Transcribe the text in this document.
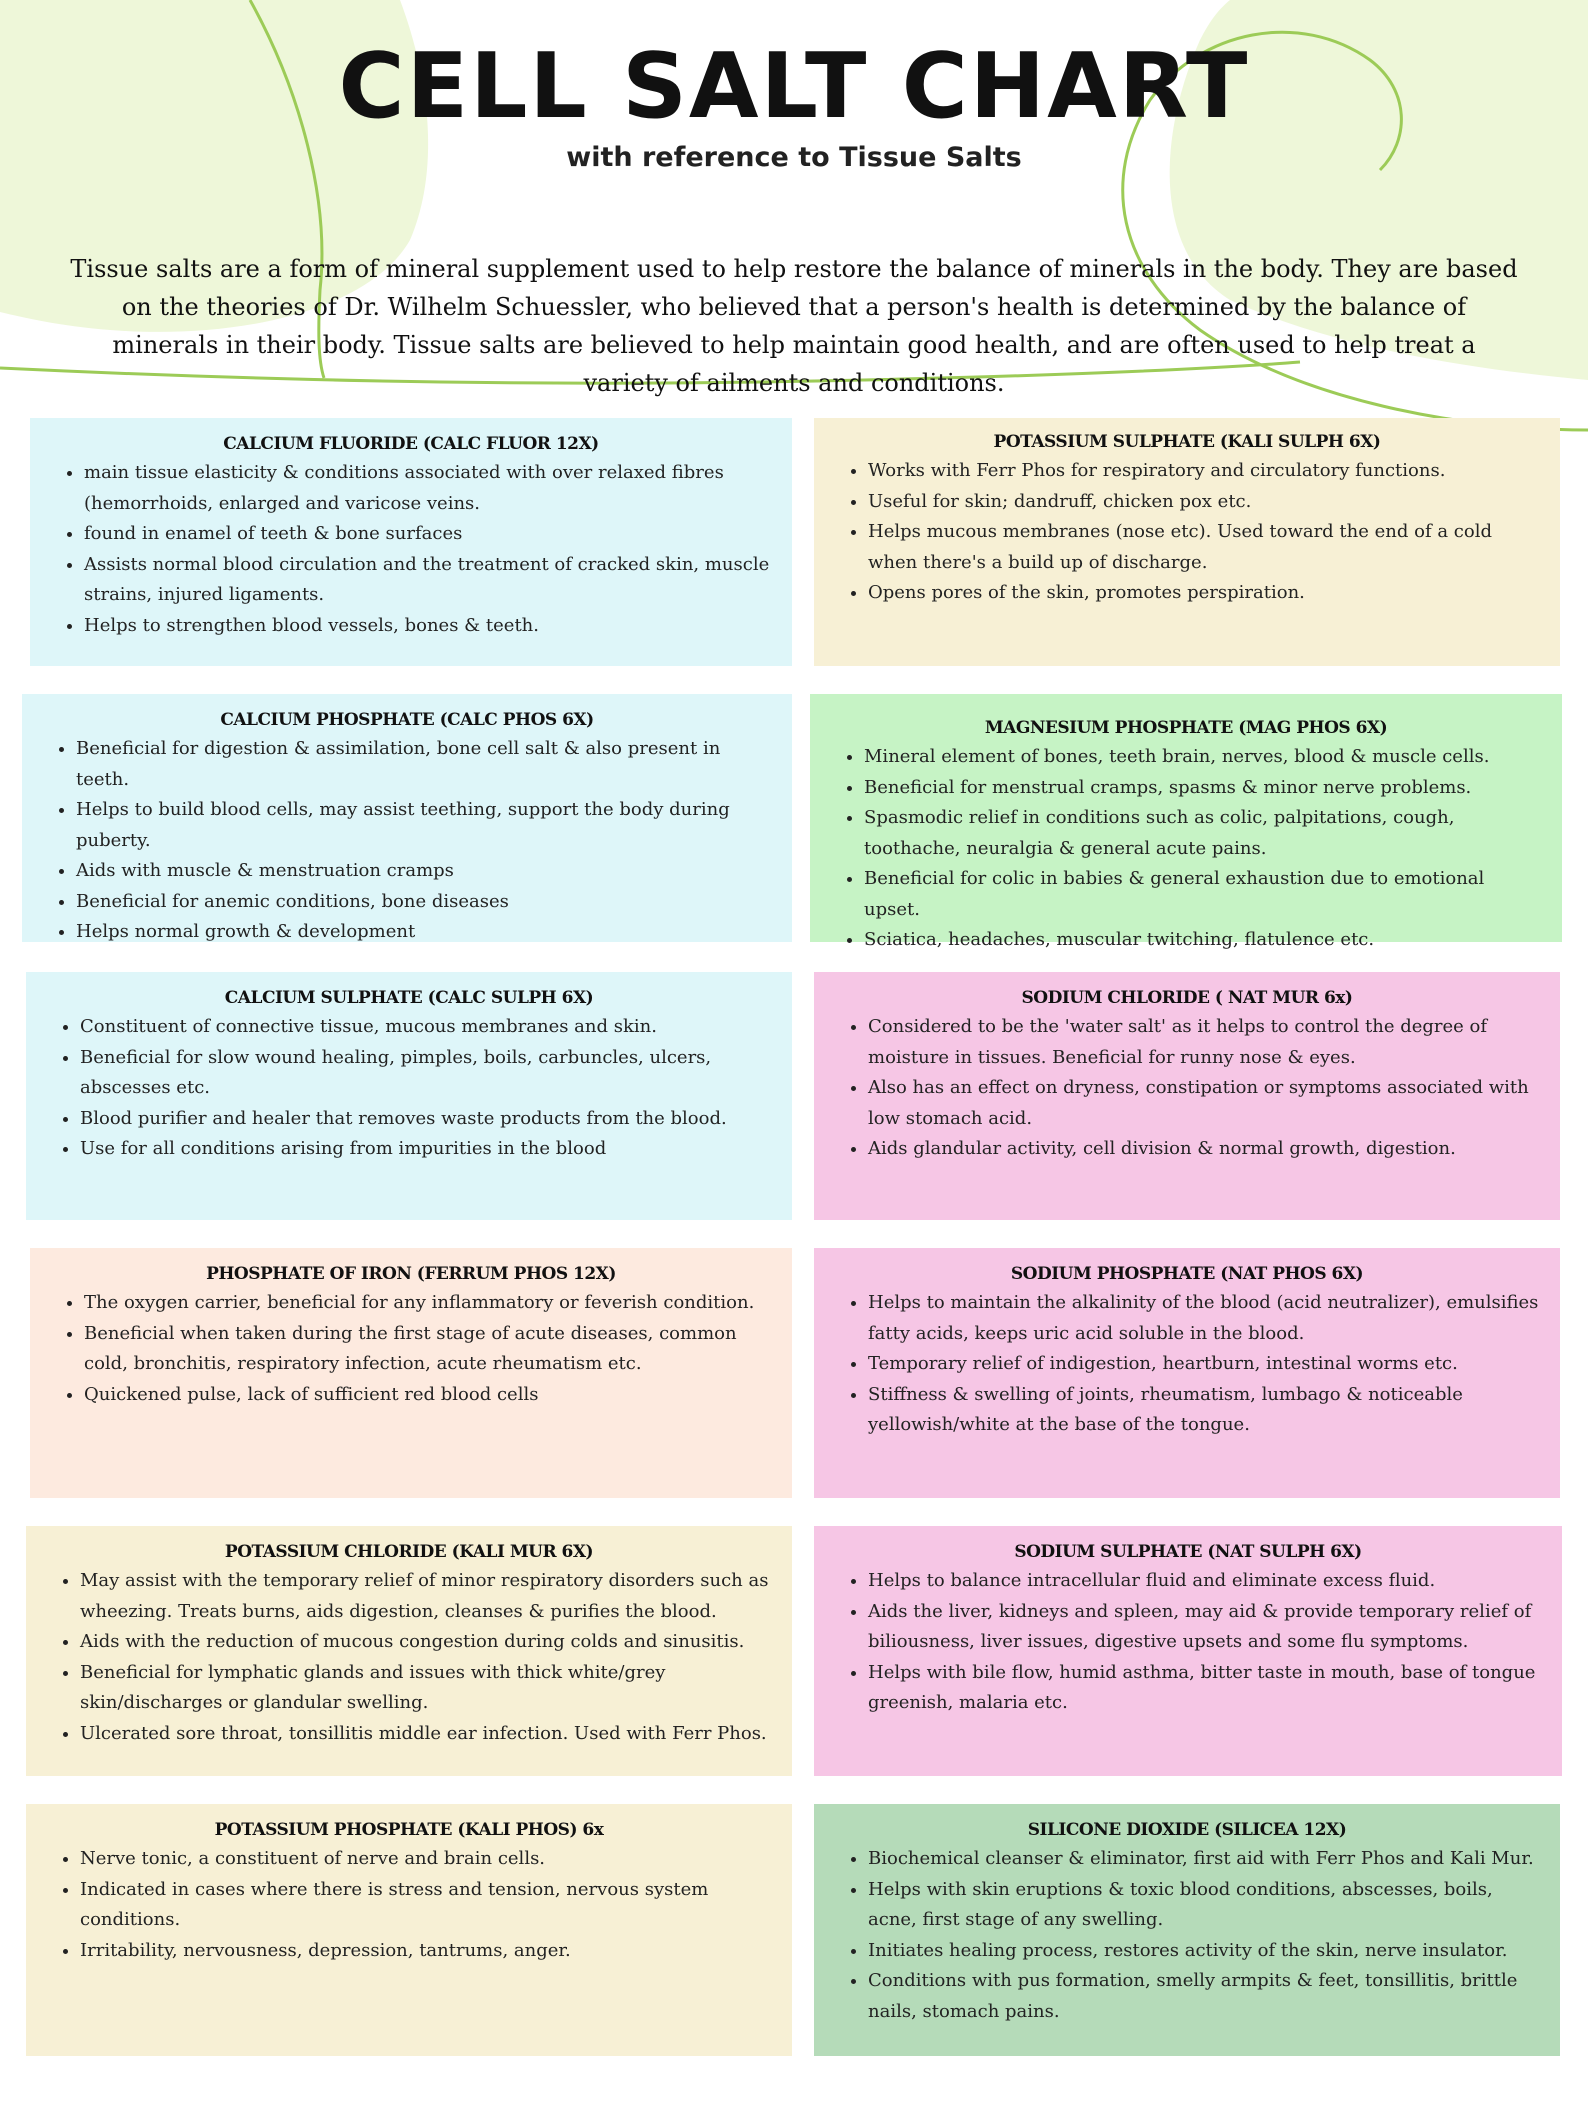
CELL SALT CHART

with reference to Tissue Salts

Tissue salts are a form of mineral supplement used to help restore the balance of minerals in the body. They are based on the theories of Dr. Wilhelm Schuessler, who believed that a person's health is determined by the balance of minerals in their body. Tissue salts are believed to help maintain good health, and are often used to help treat a variety of ailments and conditions.

CALCIUM FLUORIDE (CALC FLUOR 12X)
• main tissue elasticity & conditions associated with over relaxed fibres (hemorrhoids, enlarged and varicose veins.
• found in enamel of teeth & bone surfaces
• Assists normal blood circulation and the treatment of cracked skin, muscle strains, injured ligaments.
• Helps to strengthen blood vessels, bones & teeth.
POTASSIUM SULPHATE (KALI SULPH 6X)
• Works with Ferr Phos for respiratory and circulatory functions.
• Useful for skin; dandruff, chicken pox etc.
• Helps mucous membranes (nose etc). Used toward the end of a cold when there's a build up of discharge.
• Opens pores of the skin, promotes perspiration.
CALCIUM PHOSPHATE (CALC PHOS 6X)
• Beneficial for digestion & assimilation, bone cell salt & also present in teeth.
• Helps to build blood cells, may assist teething, support the body during puberty.
• Aids with muscle & menstruation cramps
• Beneficial for anemic conditions, bone diseases
• Helps normal growth & development
MAGNESIUM PHOSPHATE (MAG PHOS 6X)
• Mineral element of bones, teeth brain, nerves, blood & muscle cells.
• Beneficial for menstrual cramps, spasms & minor nerve problems.
• Spasmodic relief in conditions such as colic, palpitations, cough, toothache, neuralgia & general acute pains.
• Beneficial for colic in babies & general exhaustion due to emotional upset.
• Sciatica, headaches, muscular twitching, flatulence etc.
CALCIUM SULPHATE (CALC SULPH 6X)
• Constituent of connective tissue, mucous membranes and skin.
• Beneficial for slow wound healing, pimples, boils, carbuncles, ulcers, abscesses etc.
• Blood purifier and healer that removes waste products from the blood.
• Use for all conditions arising from impurities in the blood
SODIUM CHLORIDE ( NAT MUR 6x)
• Considered to be the 'water salt' as it helps to control the degree of moisture in tissues. Beneficial for runny nose & eyes.
• Also has an effect on dryness, constipation or symptoms associated with low stomach acid.
• Aids glandular activity, cell division & normal growth, digestion.
PHOSPHATE OF IRON (FERRUM PHOS 12X)
• The oxygen carrier, beneficial for any inflammatory or feverish condition.
• Beneficial when taken during the first stage of acute diseases, common cold, bronchitis, respiratory infection, acute rheumatism etc.
• Quickened pulse, lack of sufficient red blood cells
SODIUM PHOSPHATE (NAT PHOS 6X)
• Helps to maintain the alkalinity of the blood (acid neutralizer), emulsifies fatty acids, keeps uric acid soluble in the blood.
• Temporary relief of indigestion, heartburn, intestinal worms etc.
• Stiffness & swelling of joints, rheumatism, lumbago & noticeable yellowish/white at the base of the tongue.
POTASSIUM CHLORIDE (KALI MUR 6X)
• May assist with the temporary relief of minor respiratory disorders such as wheezing. Treats burns, aids digestion, cleanses & purifies the blood.
• Aids with the reduction of mucous congestion during colds and sinusitis.
• Beneficial for lymphatic glands and issues with thick white/grey skin/discharges or glandular swelling.
• Ulcerated sore throat, tonsillitis middle ear infection. Used with Ferr Phos.
SODIUM SULPHATE (NAT SULPH 6X)
• Helps to balance intracellular fluid and eliminate excess fluid.
• Aids the liver, kidneys and spleen, may aid & provide temporary relief of biliousness, liver issues, digestive upsets and some flu symptoms.
• Helps with bile flow, humid asthma, bitter taste in mouth, base of tongue greenish, malaria etc.
POTASSIUM PHOSPHATE (KALI PHOS) 6x
• Nerve tonic, a constituent of nerve and brain cells.
• Indicated in cases where there is stress and tension, nervous system conditions.
• Irritability, nervousness, depression, tantrums, anger.
SILICONE DIOXIDE (SILICEA 12X)
• Biochemical cleanser & eliminator, first aid with Ferr Phos and Kali Mur.
• Helps with skin eruptions & toxic blood conditions, abscesses, boils, acne, first stage of any swelling.
• Initiates healing process, restores activity of the skin, nerve insulator.
• Conditions with pus formation, smelly armpits & feet, tonsillitis, brittle nails, stomach pains.
